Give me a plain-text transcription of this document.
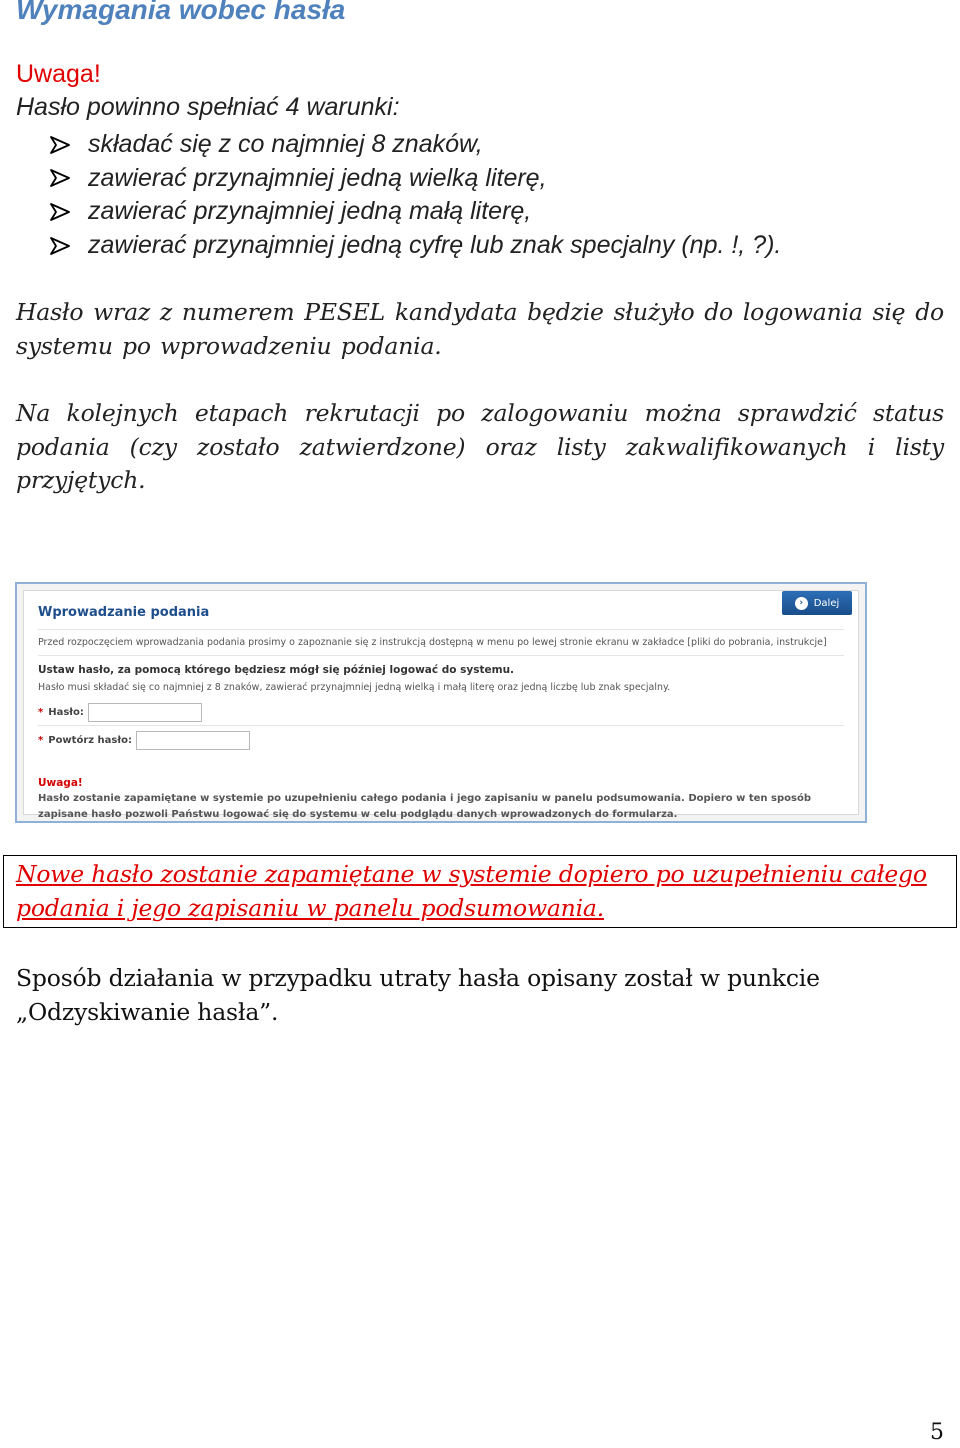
Wymagania wobec hasła
Uwaga!
Hasło powinno spełniać 4 warunki:
składać się z co najmniej 8 znaków,
zawierać przynajmniej jedną wielką literę,
zawierać przynajmniej jedną małą literę,
zawierać przynajmniej jedną cyfrę lub znak specjalny (np. !, ?).

Hasło wraz z numerem PESEL kandydata będzie służyło do logowania się do systemu po wprowadzeniu podania.

Na kolejnych etapach rekrutacji po zalogowaniu można sprawdzić status podania (czy zostało zatwierdzone) oraz listy zakwalifikowanych i listy przyjętych.

Wprowadzanie podania
›	Dalej
Przed rozpoczęciem wprowadzania podania prosimy o zapoznanie się z instrukcją dostępną w menu po lewej stronie ekranu w zakładce [pliki do pobrania, instrukcje]
Ustaw hasło, za pomocą którego będziesz mógł się później logować do systemu.
Hasło musi składać się co najmniej z 8 znaków, zawierać przynajmniej jedną wielką i małą literę oraz jedną liczbę lub znak specjalny.
* Hasło:
* Powtórz hasło:
Uwaga!
Hasło zostanie zapamiętane w systemie po uzupełnieniu całego podania i jego zapisaniu w panelu podsumowania. Dopiero w ten sposób zapisane hasło pozwoli Państwu logować się do systemu w celu podglądu danych wprowadzonych do formularza.

Nowe hasło zostanie zapamiętane w systemie dopiero po uzupełnieniu całego podania i jego zapisaniu w panelu podsumowania.

Sposób działania w przypadku utraty hasła opisany został w punkcie „Odzyskiwanie hasła”.

5
